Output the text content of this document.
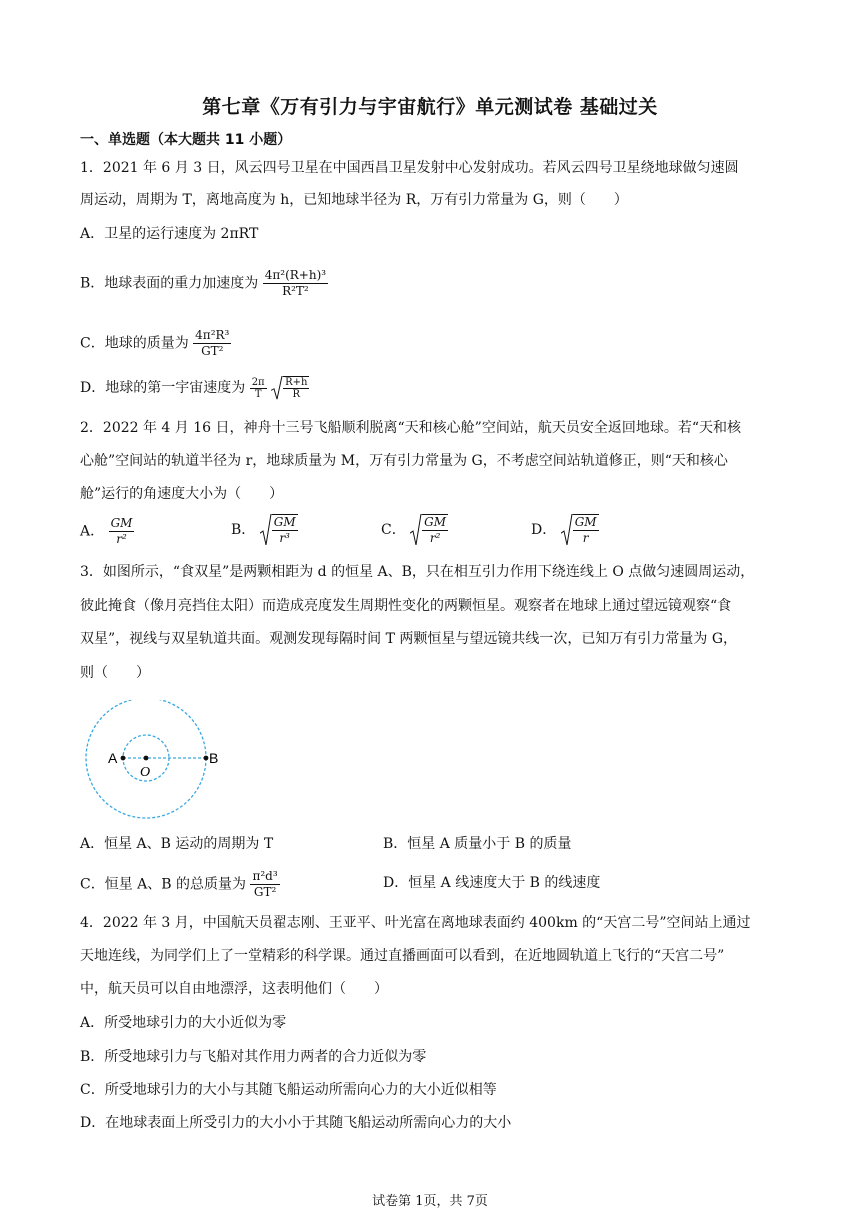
第七章《万有引力与宇宙航行》单元测试卷 基础过关
一、单选题（本大题共 11 小题）
1．2021 年 6 月 3 日，风云四号卫星在中国西昌卫星发射中心发射成功。若风云四号卫星绕地球做匀速圆
周运动，周期为 T，离地高度为 h，已知地球半径为 R，万有引力常量为 G，则（　　）
A．卫星的运行速度为 2πRT
B．地球表面的重力加速度为 $\frac{\text{4π²(R+h)³}}{\text{R²T²}}$
C．地球的质量为 $\frac{\text{4π²R³}}{\text{GT²}}$
D．地球的第一宇宙速度为 $\frac{2\pi}{T}$
$\frac{R+h}{R}$
2．2022 年 4 月 16 日，神舟十三号飞船顺利脱离“天和核心舱”空间站，航天员安全返回地球。若“天和核
心舱”空间站的轨道半径为 r，地球质量为 M，万有引力常量为 G，不考虑空间站轨道修正，则“天和核心
舱”运行的角速度大小为（　　）
A． $\frac{GM}{\text{r²}}$	B． $\frac{GM}{\text{r³}}$	C． $\frac{GM}{\text{r²}}$	D． $\frac{GM}{r}$
3．如图所示，“食双星”是两颗相距为 d 的恒星 A、B，只在相互引力作用下绕连线上 O 点做匀速圆周运动，
彼此掩食（像月亮挡住太阳）而造成亮度发生周期性变化的两颗恒星。观察者在地球上通过望远镜观察“食
双星”，视线与双星轨道共面。观测发现每隔时间 T 两颗恒星与望远镜共线一次，已知万有引力常量为 G，
则（　　）
A	B
O
A．恒星 A、B 运动的周期为 T	B．恒星 A 质量小于 B 的质量
C．恒星 A、B 的总质量为 $\frac{\text{π²d³}}{\text{GT²}}$	D．恒星 A 线速度大于 B 的线速度
4．2022 年 3 月，中国航天员翟志刚、王亚平、叶光富在离地球表面约 400km 的“天宫二号”空间站上通过
天地连线，为同学们上了一堂精彩的科学课。通过直播画面可以看到，在近地圆轨道上飞行的“天宫二号”
中，航天员可以自由地漂浮，这表明他们（　　）
A．所受地球引力的大小近似为零
B．所受地球引力与飞船对其作用力两者的合力近似为零
C．所受地球引力的大小与其随飞船运动所需向心力的大小近似相等
D．在地球表面上所受引力的大小小于其随飞船运动所需向心力的大小
试卷第 1页，共 7页
